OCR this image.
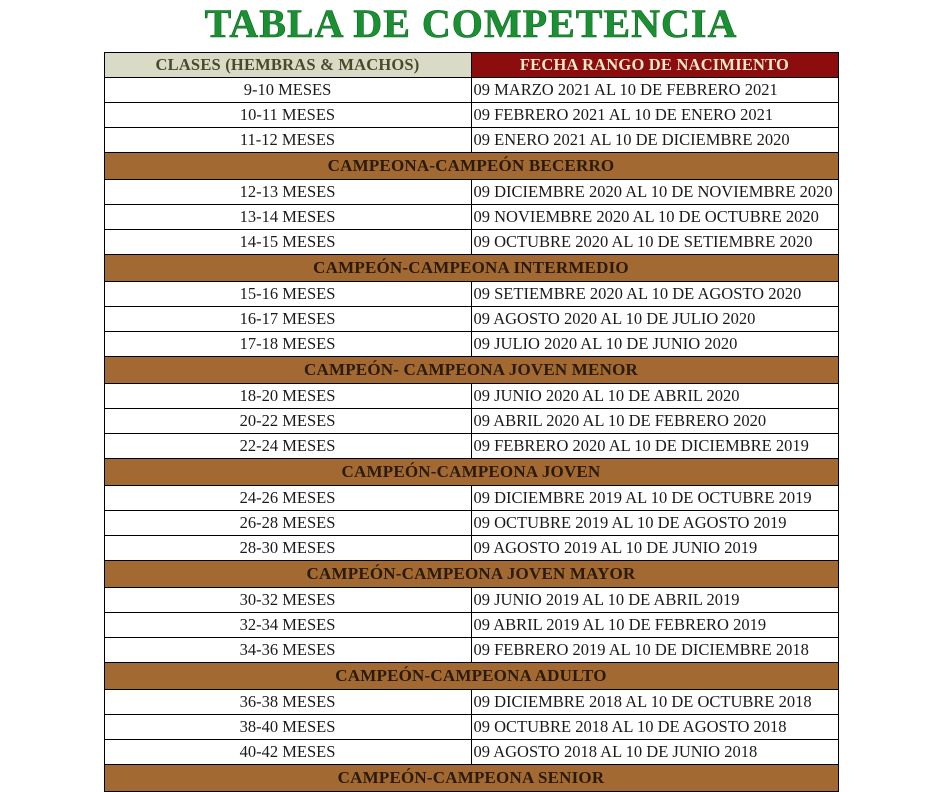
TABLA DE COMPETENCIA
CLASES (HEMBRAS & MACHOS)	FECHA RANGO DE NACIMIENTO
9-10 MESES	09 MARZO 2021 AL 10 DE FEBRERO 2021
10-11 MESES	09 FEBRERO 2021 AL 10 DE ENERO 2021
11-12 MESES	09 ENERO 2021 AL 10 DE DICIEMBRE 2020
CAMPEONA-CAMPEÓN BECERRO	
12-13 MESES	09 DICIEMBRE 2020 AL 10 DE NOVIEMBRE 2020
13-14 MESES	09 NOVIEMBRE 2020 AL 10 DE OCTUBRE 2020
14-15 MESES	09 OCTUBRE 2020 AL 10 DE SETIEMBRE 2020
CAMPEÓN-CAMPEONA INTERMEDIO	
15-16 MESES	09 SETIEMBRE 2020 AL 10 DE AGOSTO 2020
16-17 MESES	09 AGOSTO 2020 AL 10 DE JULIO 2020
17-18 MESES	09 JULIO 2020 AL 10 DE JUNIO 2020
CAMPEÓN- CAMPEONA JOVEN MENOR	
18-20 MESES	09 JUNIO 2020 AL 10 DE ABRIL 2020
20-22 MESES	09 ABRIL 2020 AL 10 DE FEBRERO 2020
22-24 MESES	09 FEBRERO 2020 AL 10 DE DICIEMBRE 2019
CAMPEÓN-CAMPEONA JOVEN	
24-26 MESES	09 DICIEMBRE 2019 AL 10 DE OCTUBRE 2019
26-28 MESES	09 OCTUBRE 2019 AL 10 DE AGOSTO 2019
28-30 MESES	09 AGOSTO 2019 AL 10 DE JUNIO 2019
CAMPEÓN-CAMPEONA JOVEN MAYOR	
30-32 MESES	09 JUNIO 2019 AL 10 DE ABRIL 2019
32-34 MESES	09 ABRIL 2019 AL 10 DE FEBRERO 2019
34-36 MESES	09 FEBRERO 2019 AL 10 DE DICIEMBRE 2018
CAMPEÓN-CAMPEONA ADULTO	
36-38 MESES	09 DICIEMBRE 2018 AL 10 DE OCTUBRE 2018
38-40 MESES	09 OCTUBRE 2018 AL 10 DE AGOSTO 2018
40-42 MESES	09 AGOSTO 2018 AL 10 DE JUNIO 2018
CAMPEÓN-CAMPEONA SENIOR	
